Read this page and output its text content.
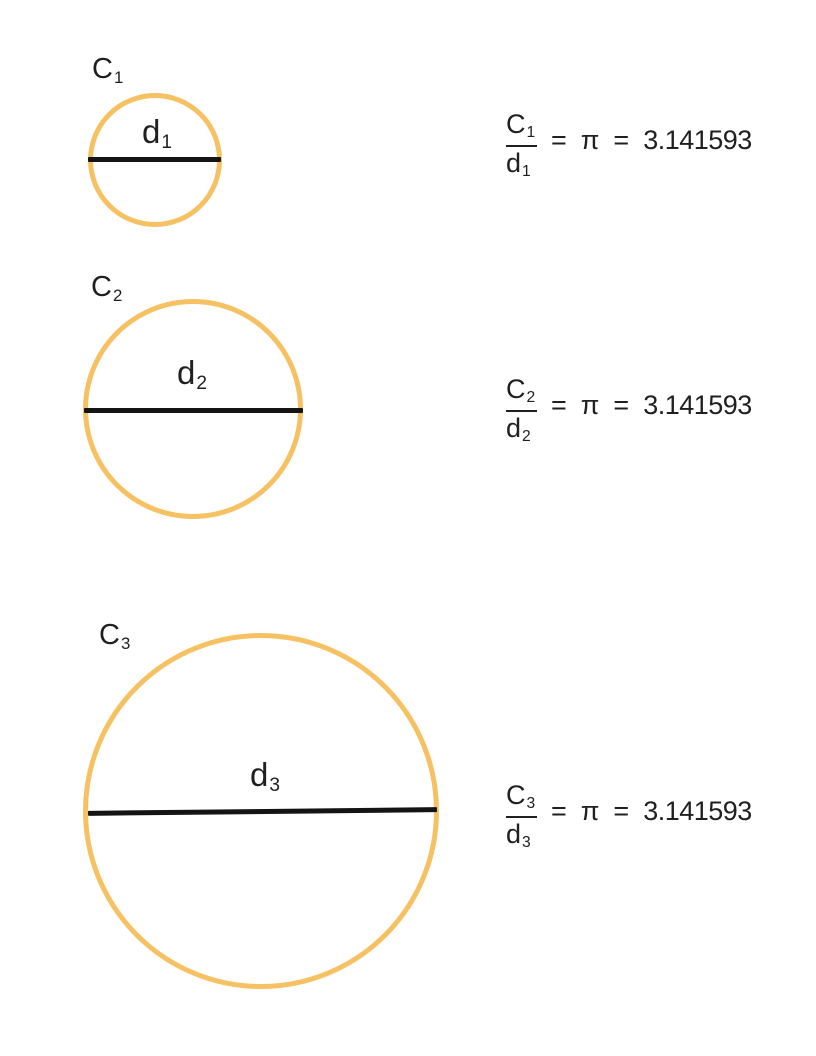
$C_1$
$d_1$	$\frac{C_1}{d_1} = \pi = 3.141593$
$C_2$
$d_2$	$\frac{C_2}{d_2} = \pi = 3.141593$
$C_3$
$d_3$	$\frac{C_3}{d_3} = \pi = 3.141593$
